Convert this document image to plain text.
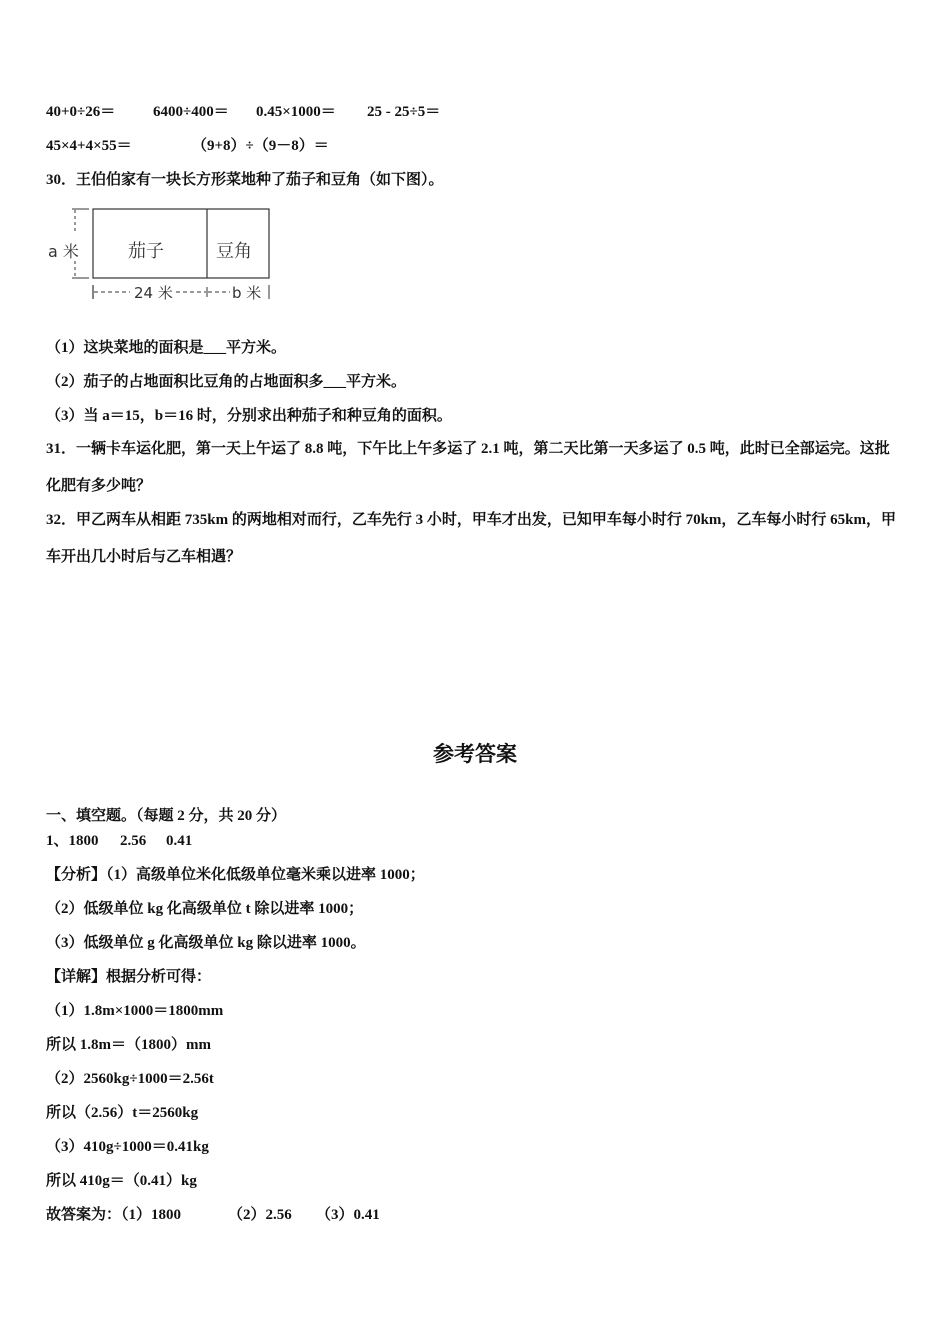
40+0÷26＝	6400÷400＝ 0.45×1000＝ 25 - 25÷5＝
45×4+4×55＝	（9+8）÷（9－8）＝
30．王伯伯家有一块长方形菜地种了茄子和豆角（如下图）。
a 米	茄子	豆角
24 米	b 米
（1）这块菜地的面积是___平方米。
（2）茄子的占地面积比豆角的占地面积多___平方米。
（3）当 a＝15，b＝16 时，分别求出种茄子和种豆角的面积。
31．一辆卡车运化肥，第一天上午运了 8.8 吨，下午比上午多运了 2.1 吨，第二天比第一天多运了 0.5 吨，此时已全部运完。这批化肥有多少吨？
32．甲乙两车从相距 735km 的两地相对而行，乙车先行 3 小时，甲车才出发，已知甲车每小时行 70km，乙车每小时行 65km，甲车开出几小时后与乙车相遇？
参考答案
一、填空题。（每题 2 分，共 20 分）
1、1800 2.56 0.41
【分析】（1）高级单位米化低级单位毫米乘以进率 1000；
（2）低级单位 kg 化高级单位 t 除以进率 1000；
（3）低级单位 g 化高级单位 kg 除以进率 1000。
【详解】根据分析可得：
（1）1.8m×1000＝1800mm
所以 1.8m＝（1800）mm
（2）2560kg÷1000＝2.56t
所以（2.56）t＝2560kg
（3）410g÷1000＝0.41kg
所以 410g＝（0.41）kg
故答案为：（1）1800	（2）2.56 （3）0.41
